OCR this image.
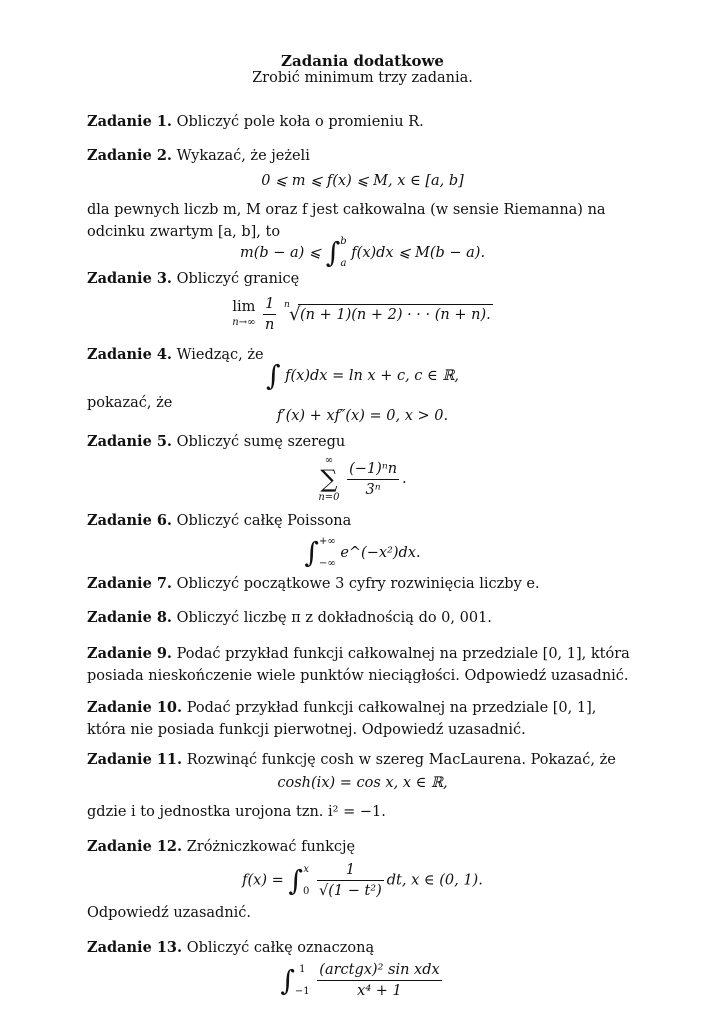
Zadania dodatkowe
Zrobić minimum trzy zadania.
Zadanie 1. Obliczyć pole koła o promieniu R.
Zadanie 2. Wykazać, że jeżeli
0 ⩽ m ⩽ f(x) ⩽ M, x ∈ [a, b]
dla pewnych liczb m, M oraz f jest całkowalna (w sensie Riemanna) na odcinku zwartym [a, b], to
m(b − a) ⩽ ∫ b
a
f(x)dx ⩽ M(b − a).
Zadanie 3. Obliczyć granicę
lim
n→∞
$\frac{1}{n}$
n √ (n + 1)(n + 2) · · · (n + n).
Zadanie 4. Wiedząc, że
∫ f(x)dx = ln x + c, c ∈ ℝ,
pokazać, że
f′(x) + xf″(x) = 0, x > 0.
Zadanie 5. Obliczyć sumę szeregu
∞
∑
n=0
$\frac{\text{(−1)ⁿn}}{\text{3ⁿ}}$ .
Zadanie 6. Obliczyć całkę Poissona
∫ +∞
−∞
e^(−x²)dx.
Zadanie 7. Obliczyć początkowe 3 cyfry rozwinięcia liczby e.
Zadanie 8. Obliczyć liczbę π z dokładnością do 0, 001.
Zadanie 9. Podać przykład funkcji całkowalnej na przedziale [0, 1], która posiada nieskończenie wiele punktów nieciągłości. Odpowiedź uzasadnić.
Zadanie 10. Podać przykład funkcji całkowalnej na przedziale [0, 1], która nie posiada funkcji pierwotnej. Odpowiedź uzasadnić.
Zadanie 11. Rozwinąć funkcję cosh w szereg MacLaurena. Pokazać, że
cosh(ix) = cos x, x ∈ ℝ,
gdzie i to jednostka urojona tzn. i² = −1.
Zadanie 12. Zróżniczkować funkcję
f(x) = ∫ x
0
$\frac{1}{\text{√(1 − t²)}}$ dt, x ∈ (0, 1).
Odpowiedź uzasadnić.
Zadanie 13. Obliczyć całkę oznaczoną
∫ 1
−1
$\frac{\text{(arctgx)² sin xdx}}{\text{x⁴ + 1}}$
